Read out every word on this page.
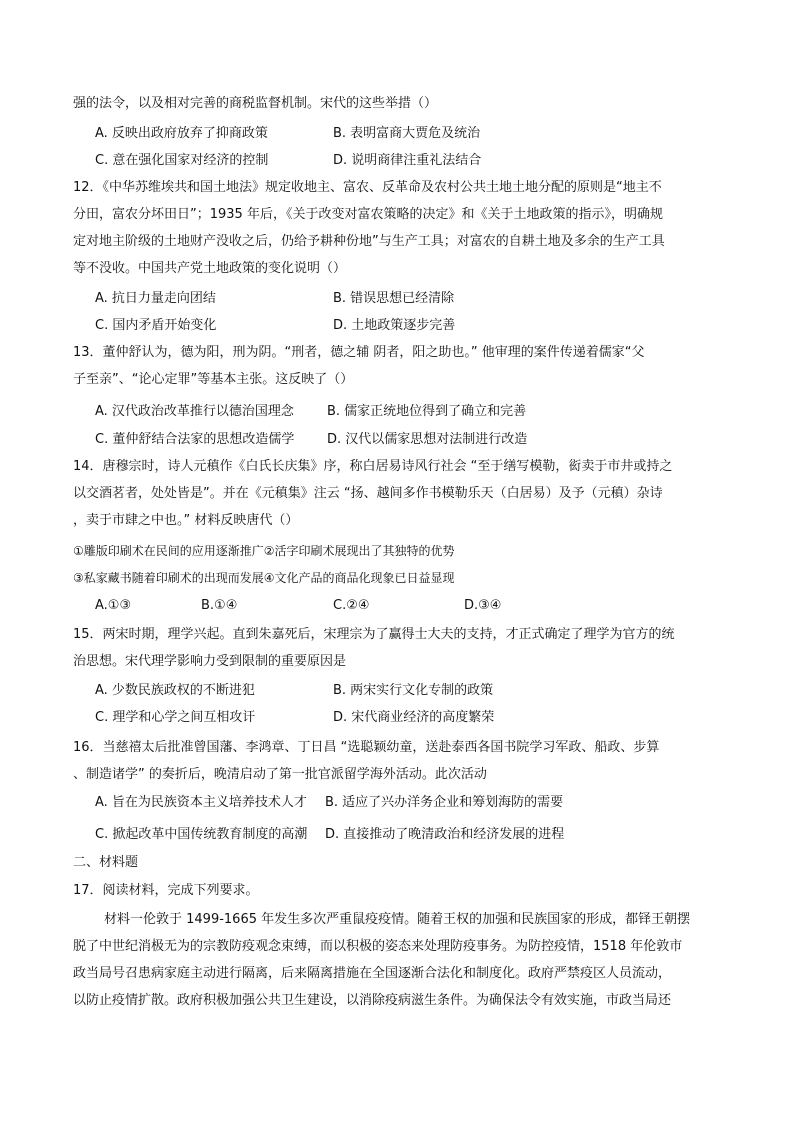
强的法令，以及相对完善的商税监督机制。宋代的这些举措（）
A. 反映出政府放弃了抑商政策	B. 表明富商大贾危及统治
C. 意在强化国家对经济的控制	D. 说明商律注重礼法结合
12．《中华苏维埃共和国土地法》规定收地主、富农、反革命及农村公共土地土地分配的原则是“地主不
分田，富农分坏田日”；1935 年后，《关于改变对富农策略的决定》和《关于土地政策的指示》，明确规
定对地主阶级的土地财产没收之后，仍给予耕种份地”与生产工具；对富农的自耕土地及多余的生产工具
等不没收。中国共产党土地政策的变化说明（）
A. 抗日力量走向团结	B. 错误思想已经清除
C. 国内矛盾开始变化	D. 土地政策逐步完善
13．董仲舒认为，德为阳，刑为阴。“刑者，德之辅 阴者，阳之助也。” 他审理的案件传递着儒家“父
子至亲”、“论心定罪”等基本主张。这反映了（）
A. 汉代政治改革推行以德治国理念	B. 儒家正统地位得到了确立和完善
C. 董仲舒结合法家的思想改造儒学	D. 汉代以儒家思想对法制进行改造
14．唐穆宗时，诗人元稹作《白氏长庆集》序，称白居易诗风行社会 “至于缮写模勒，衒卖于市井或持之
以交酒茗者，处处皆是”。并在《元稹集》注云 “扬、越间多作书模勒乐天（白居易）及予（元稹）杂诗
，卖于市肆之中也。” 材料反映唐代（）
①雕版印刷术在民间的应用逐渐推广②活字印刷术展现出了其独特的优势
③私家藏书随着印刷术的出现而发展④文化产品的商品化现象已日益显现
A.①③	B.①④	C.②④	D.③④
15．两宋时期，理学兴起。直到朱嘉死后，宋理宗为了赢得士大夫的支持，才正式确定了理学为官方的统
治思想。宋代理学影响力受到限制的重要原因是
A. 少数民族政权的不断进犯	B. 两宋实行文化专制的政策
C. 理学和心学之间互相攻讦	D. 宋代商业经济的高度繁荣
16．当慈禧太后批准曾国藩、李鸿章、丁日昌 “选聪颖幼童，送赴泰西各国书院学习军政、船政、步算
、制造诸学” 的奏折后，晚清启动了第一批官派留学海外活动。此次活动
A. 旨在为民族资本主义培养技术人才 B. 适应了兴办洋务企业和筹划海防的需要
C. 掀起改革中国传统教育制度的高潮 D. 直接推动了晚清政治和经济发展的进程
二、材料题
17．阅读材料，完成下列要求。
材料一伦敦于 1499-1665 年发生多次严重鼠疫疫情。随着王权的加强和民族国家的形成，都铎王朝摆
脱了中世纪消极无为的宗教防疫观念束缚，而以积极的姿态来处理防疫事务。为防控疫情，1518 年伦敦市
政当局号召患病家庭主动进行隔离，后来隔离措施在全国逐渐合法化和制度化。政府严禁疫区人员流动，
以防止疫情扩散。政府积极加强公共卫生建设，以消除疫病滋生条件。为确保法令有效实施，市政当局还
